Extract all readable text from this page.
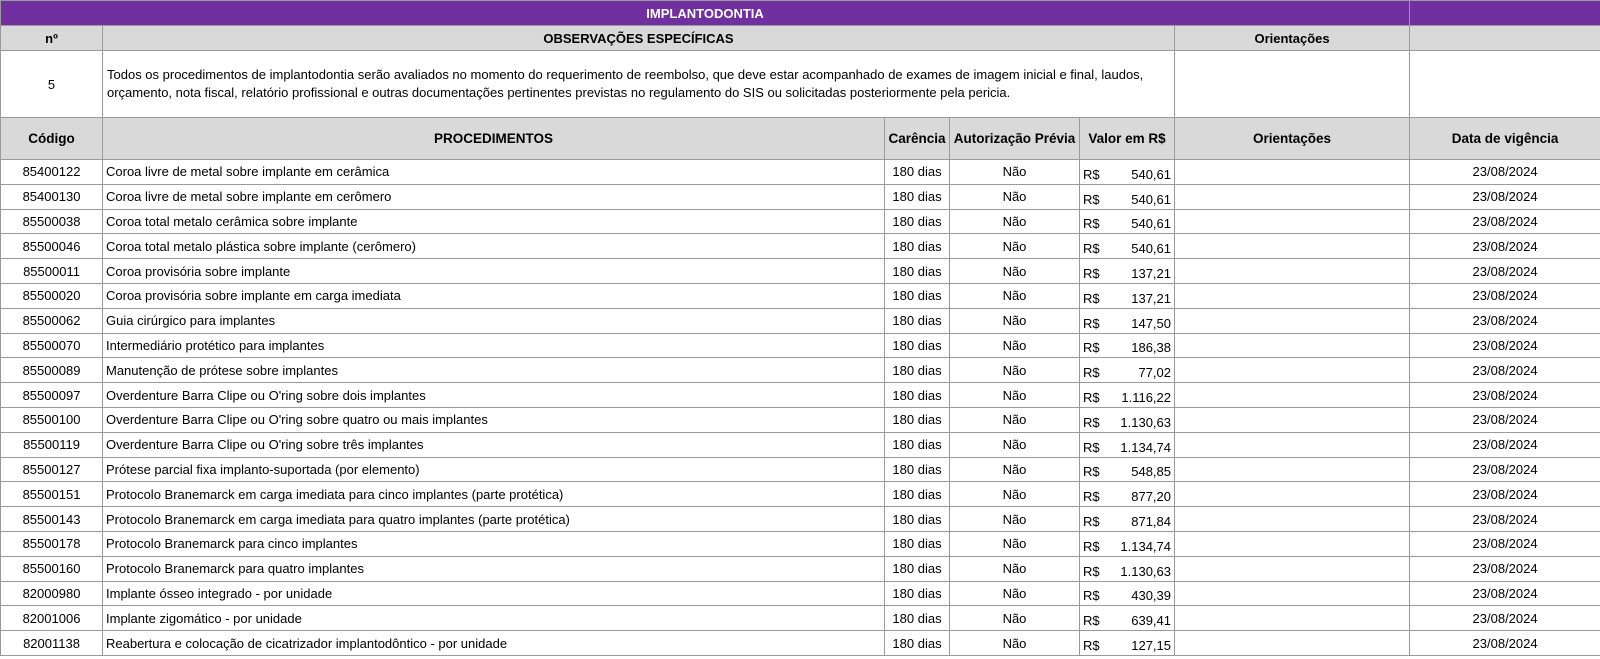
IMPLANTODONTIA						
nº	OBSERVAÇÕES ESPECÍFICAS				Orientações	
5	Todos os procedimentos de implantodontia serão avaliados no momento do requerimento de reembolso, que deve estar acompanhado de exames de imagem inicial e final, laudos, orçamento, nota fiscal, relatório profissional e outras documentações pertinentes previstas no regulamento do SIS ou solicitadas posteriormente pela pericia.					
Código	PROCEDIMENTOS	Carência	Autorização Prévia	Valor em R$	Orientações	Data de vigência
85400122	Coroa livre de metal sobre implante em cerâmica	180 dias	Não	R$ 540,61		23/08/2024
85400130	Coroa livre de metal sobre implante em cerômero	180 dias	Não	R$ 540,61		23/08/2024
85500038	Coroa total metalo cerâmica sobre implante	180 dias	Não	R$ 540,61		23/08/2024
85500046	Coroa total metalo plástica sobre implante (cerômero)	180 dias	Não	R$ 540,61		23/08/2024
85500011	Coroa provisória sobre implante	180 dias	Não	R$ 137,21		23/08/2024
85500020	Coroa provisória sobre implante em carga imediata	180 dias	Não	R$ 137,21		23/08/2024
85500062	Guia cirúrgico para implantes	180 dias	Não	R$ 147,50		23/08/2024
85500070	Intermediário protético para implantes	180 dias	Não	R$ 186,38		23/08/2024
85500089	Manutenção de prótese sobre implantes	180 dias	Não	R$ 77,02		23/08/2024
85500097	Overdenture Barra Clipe ou O'ring sobre dois implantes	180 dias	Não	R$ 1.116,22		23/08/2024
85500100	Overdenture Barra Clipe ou O'ring sobre quatro ou mais implantes	180 dias	Não	R$ 1.130,63		23/08/2024
85500119	Overdenture Barra Clipe ou O'ring sobre três implantes	180 dias	Não	R$ 1.134,74		23/08/2024
85500127	Prótese parcial fixa implanto-suportada (por elemento)	180 dias	Não	R$ 548,85		23/08/2024
85500151	Protocolo Branemarck em carga imediata para cinco implantes (parte protética)	180 dias	Não	R$ 877,20		23/08/2024
85500143	Protocolo Branemarck em carga imediata para quatro implantes (parte protética)	180 dias	Não	R$ 871,84		23/08/2024
85500178	Protocolo Branemarck para cinco implantes	180 dias	Não	R$ 1.134,74		23/08/2024
85500160	Protocolo Branemarck para quatro implantes	180 dias	Não	R$ 1.130,63		23/08/2024
82000980	Implante ósseo integrado - por unidade	180 dias	Não	R$ 430,39		23/08/2024
82001006	Implante zigomático - por unidade	180 dias	Não	R$ 639,41		23/08/2024
82001138	Reabertura e colocação de cicatrizador implantodôntico - por unidade	180 dias	Não	R$ 127,15		23/08/2024
